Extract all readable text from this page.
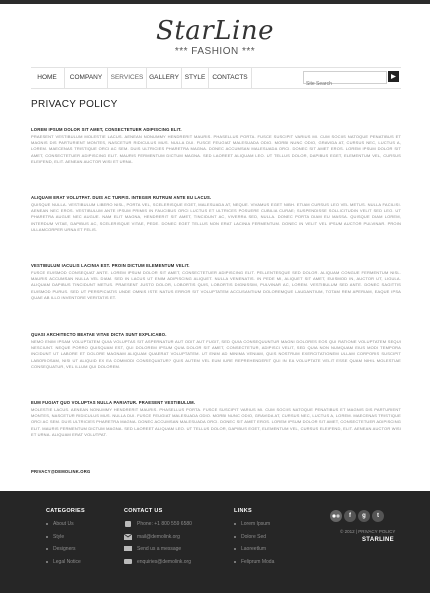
StarLine
*** FASHION ***
HOME	COMPANY	SERVICES GALLERY STYLE	CONTACTS
Site Search
PRIVACY POLICY
LOREM IPSUM DOLOR SIT AMET, CONSECTETUER ADIPISCING ELIT.
PRAESENT VESTIBULUM MOLESTIE LACUS. AENEAN NONUMMY HENDRERIT MAURIS. PHASELLUS PORTA. FUSCE SUSCIPIT VARIUS MI. CUM SOCIIS NATOQUE PENATIBUS ET MAGNIS DIS PARTURIENT MONTES, NASCETUR RIDICULUS MUS. NULLA DUI. FUSCE FEUGIAT MALESUADA ODIO. MORBI NUNC ODIO, GRAVIDA AT, CURSUS NEC, LUCTUS A, LOREM. MAECENAS TRISTIQUE ORCI AC SEM. DUIS ULTRICIES PHARETRA MAGNA. DONEC ACCUMSAN MALESUADA ORCI. DONEC SIT AMET EROS. LOREM IPSUM DOLOR SIT AMET, CONSECTETUER ADIPISCING ELIT. MAURIS FERMENTUM DICTUM MAGNA. SED LAOREET ALIQUAM LEO. UT TELLUS DOLOR, DAPIBUS EGET, ELEMENTUM VEL, CURSUS ELEIFEND, ELIT. AENEAN AUCTOR WISI ET URNA.
ALIQUAM ERAT VOLUTPAT. DUIS AC TURPIS. INTEGER RUTRUM ANTE EU LACUS.
QUISQUE NULLA. VESTIBULUM LIBERO NISL, PORTA VEL, SCELERISQUE EGET, MALESUADA AT, NEQUE. VIVAMUS EGET NIBH. ETIAM CURSUS LEO VEL METUS. NULLA FACILISI. AENEAN NEC EROS. VESTIBULUM ANTE IPSUM PRIMIS IN FAUCIBUS ORCI LUCTUS ET ULTRICES POSUERE CUBILIA CURAE; SUSPENDISSE SOLLICITUDIN VELIT SED LEO. UT PHARETRA AUGUE NEC AUGUE. NAM ELIT MAGNA, HENDRERIT SIT AMET, TINCIDUNT AC, VIVERRA SED, NULLA. DONEC PORTA DIAM EU MASSA. QUISQUE DIAM LOREM, INTERDUM VITAE, DAPIBUS AC, SCELERISQUE VITAE, PEDE. DONEC EGET TELLUS NON ERAT LACINIA FERMENTUM. DONEC IN VELIT VEL IPSUM AUCTOR PULVINAR. PROIN ULLAMCORPER URNA ET FELIS.
VESTIBULUM IACULIS LACINIA EST. PROIN DICTUM ELEMENTUM VELIT.
FUSCE EUISMOD CONSEQUAT ANTE. LOREM IPSUM DOLOR SIT AMET, CONSECTETUER ADIPISCING ELIT. PELLENTESQUE SED DOLOR. ALIQUAM CONGUE FERMENTUM NISL. MAURIS ACCUMSAN NULLA VEL DIAM. SED IN LACUS UT ENIM ADIPISCING ALIQUET. NULLA VENENATIS. IN PEDE MI, ALIQUET SIT AMET, EUISMOD IN, AUCTOR UT, LIGULA. ALIQUAM DAPIBUS TINCIDUNT METUS. PRAESENT JUSTO DOLOR, LOBORTIS QUIS, LOBORTIS DIGNISSIM, PULVINAR AC, LOREM. VESTIBULUM SED ANTE. DONEC SAGITTIS EUISMOD PURUS. SED UT PERSPICIATIS UNDE OMNIS ISTE NATUS ERROR SIT VOLUPTATEM ACCUSANTIUM DOLOREMQUE LAUDANTIUM, TOTAM REM APERIAM, EAQUE IPSA QUAE AB ILLO INVENTORE VERITATIS ET.
QUASI ARCHITECTO BEATAE VITAE DICTA SUNT EXPLICABO.
NEMO ENIM IPSAM VOLUPTATEM QUIA VOLUPTAS SIT ASPERNATUR AUT ODIT AUT FUGIT, SED QUIA CONSEQUUNTUR MAGNI DOLORES EOS QUI RATIONE VOLUPTATEM SEQUI NESCIUNT. NEQUE PORRO QUISQUAM EST, QUI DOLOREM IPSUM QUIA DOLOR SIT AMET, CONSECTETUR, ADIPISCI VELIT, SED QUIA NON NUMQUAM EIUS MODI TEMPORA INCIDUNT UT LABORE ET DOLORE MAGNAM ALIQUAM QUAERAT VOLUPTATEM. UT ENIM AD MINIMA VENIAM, QUIS NOSTRUM EXERCITATIONEM ULLAM CORPORIS SUSCIPIT LABORIOSAM, NISI UT ALIQUID EX EA COMMODI CONSEQUATUR? QUIS AUTEM VEL EUM IURE REPREHENDERIT QUI IN EA VOLUPTATE VELIT ESSE QUAM NIHIL MOLESTIAE CONSEQUATUR, VEL ILLUM QUI DOLOREM.
EUM FUGIAT QUO VOLUPTAS NULLA PARIATUR. PRAESENT VESTIBULUM.
MOLESTIE LACUS. AENEAN NONUMMY HENDRERIT MAURIS. PHASELLUS PORTA. FUSCE SUSCIPIT VARIUS MI. CUM SOCIIS NATOQUE PENATIBUS ET MAGNIS DIS PARTURIENT MONTES, NASCETUR RIDICULUS MUS. NULLA DUI. FUSCE FEUGIAT MALESUADA ODIO. MORBI NUNC ODIO, GRAVIDA AT, CURSUS NEC, LUCTUS A, LOREM. MAECENAS TRISTIQUE ORCI AC SEM. DUIS ULTRICIES PHARETRA MAGNA. DONEC ACCUMSAN MALESUADA ORCI. DONEC SIT AMET EROS. LOREM IPSUM DOLOR SIT AMET, CONSECTETUER ADIPISCING ELIT. MAURIS FERMENTUM DICTUM MAGNA. SED LAOREET ALIQUAM LEO. UT TELLUS DOLOR, DAPIBUS EGET, ELEMENTUM VEL, CURSUS ELEIFEND, ELIT. AENEAN AUCTOR WISI ET URNA. ALIQUAM ERAT VOLUTPAT.
PRIVACY@DEMOLINK.ORG
CATEGORIES
About Us
Style
Designers
Legal Notice
CONTACT US
Phone: +1 800 559 6580
mail@demolink.org
Send us a message
enquiries@demolink.org
LINKS
Lorem Ipsum
Dolore Sed
Laoreetlum
Feliprum Moda
f	g	t
© 2012 | PRIVACY POLICY
STARLINE
